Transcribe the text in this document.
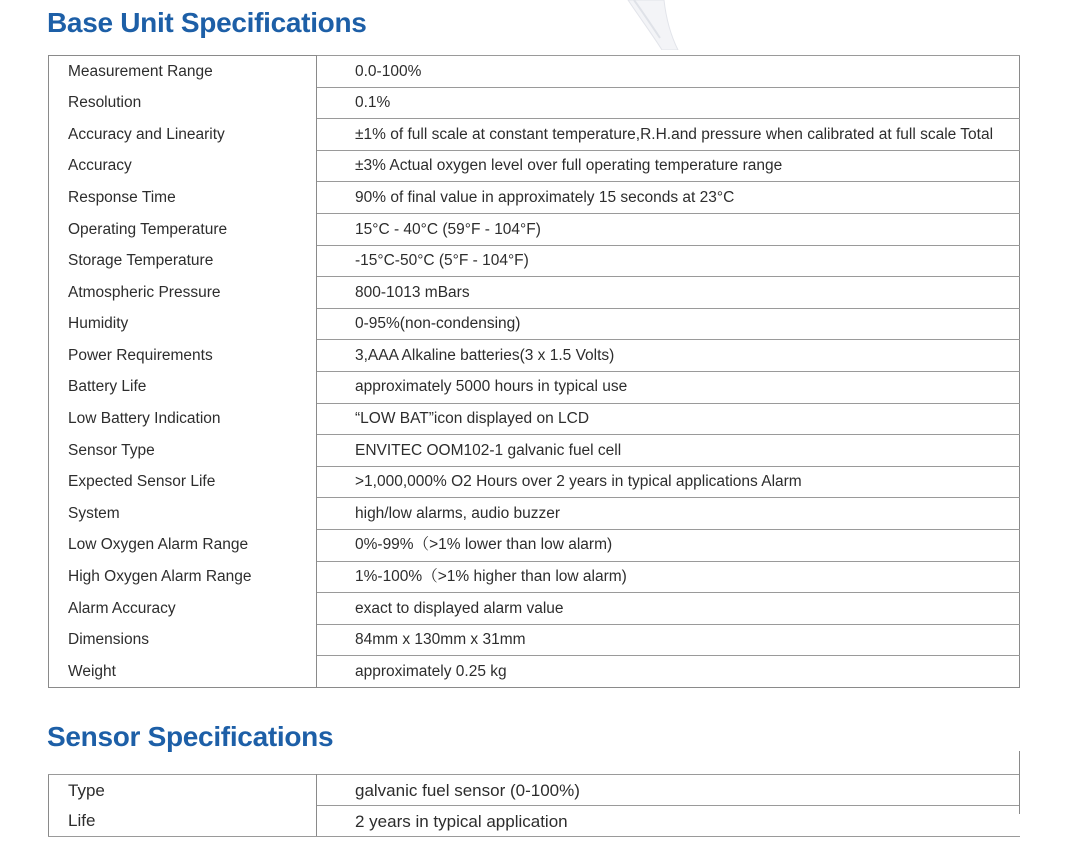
Base Unit Specifications
Measurement Range	0.0-100%
Resolution	0.1%
Accuracy and Linearity	±1% of full scale at constant temperature,R.H.and pressure when calibrated at full scale Total
Accuracy	±3% Actual oxygen level over full operating temperature range
Response Time	90% of final value in approximately 15 seconds at 23°C
Operating Temperature	15°C - 40°C (59°F - 104°F)
Storage Temperature	-15°C-50°C (5°F - 104°F)
Atmospheric Pressure	800-1013 mBars
Humidity	0-95%(non-condensing)
Power Requirements	3,AAA Alkaline batteries(3 x 1.5 Volts)
Battery Life	approximately 5000 hours in typical use
Low Battery Indication	“LOW BAT”icon displayed on LCD
Sensor Type	ENVITEC OOM102-1 galvanic fuel cell
Expected Sensor Life	>1,000,000% O2 Hours over 2 years in typical applications Alarm
System	high/low alarms, audio buzzer
Low Oxygen Alarm Range	0%-99%（>1% lower than low alarm)
High Oxygen Alarm Range	1%-100%（>1% higher than low alarm)
Alarm Accuracy	exact to displayed alarm value
Dimensions	84mm x 130mm x 31mm
Weight	approximately 0.25 kg
Sensor Specifications
Type	galvanic fuel sensor (0-100%)
Life	2 years in typical application
